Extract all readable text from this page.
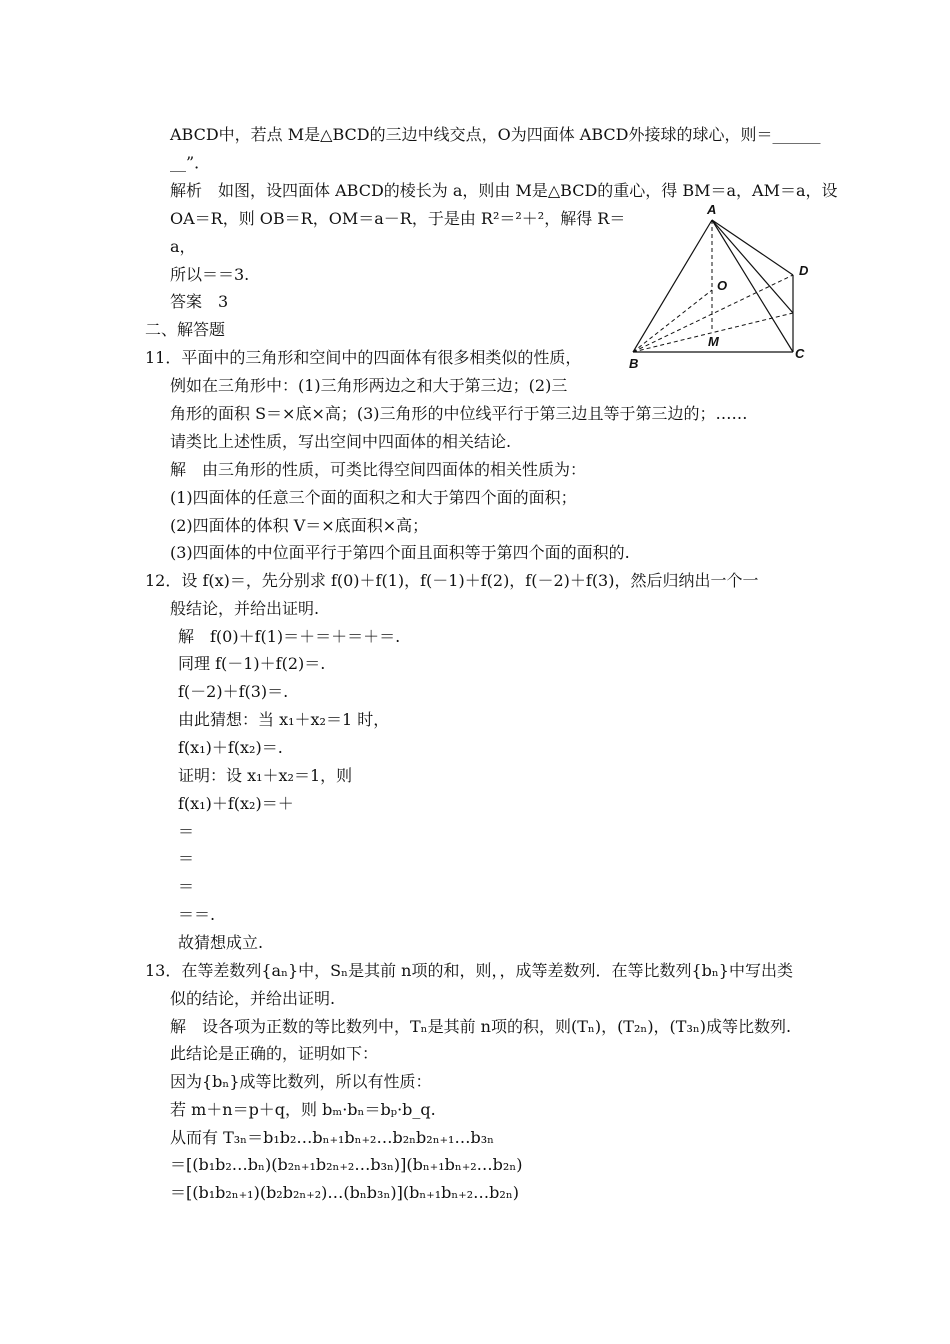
ABCD中，若点 M是△BCD的三边中线交点，O为四面体 ABCD外接球的球心，则＝______
__”．
解析　如图，设四面体 ABCD的棱长为 a，则由 M是△BCD的重心，得 BM＝a，AM＝a，设
OA＝R，则 OB＝R，OM＝a－R，于是由 R²＝²＋²，解得 R＝
a，
所以＝＝3.
答案　3
二、解答题
11．平面中的三角形和空间中的四面体有很多相类似的性质，
例如在三角形中：(1)三角形两边之和大于第三边；(2)三
角形的面积 S＝×底×高；(3)三角形的中位线平行于第三边且等于第三边的；……
请类比上述性质，写出空间中四面体的相关结论.
解　由三角形的性质，可类比得空间四面体的相关性质为：
(1)四面体的任意三个面的面积之和大于第四个面的面积；
(2)四面体的体积 V＝×底面积×高；
(3)四面体的中位面平行于第四个面且面积等于第四个面的面积的.
12．设 f(x)＝，先分别求 f(0)＋f(1)，f(－1)＋f(2)，f(－2)＋f(3)，然后归纳出一个一
般结论，并给出证明.
解　f(0)＋f(1)＝＋＝＋＝＋＝.
同理 f(－1)＋f(2)＝.
f(－2)＋f(3)＝.
由此猜想：当 x₁＋x₂＝1 时，
f(x₁)＋f(x₂)＝.
证明：设 x₁＋x₂＝1，则
f(x₁)＋f(x₂)＝＋
＝
＝
＝
＝＝.
故猜想成立.
13．在等差数列{aₙ}中，Sₙ是其前 n项的和，则，，成等差数列．在等比数列{bₙ}中写出类
似的结论，并给出证明.
解　设各项为正数的等比数列中，Tₙ是其前 n项的积，则(Tₙ)，(T₂ₙ)，(T₃ₙ)成等比数列.
此结论是正确的，证明如下：
因为{bₙ}成等比数列，所以有性质：
若 m＋n＝p＋q，则 bₘ·bₙ＝bₚ·b_q.
从而有 T₃ₙ＝b₁b₂…bₙ₊₁bₙ₊₂…b₂ₙb₂ₙ₊₁…b₃ₙ
＝[(b₁b₂…bₙ)(b₂ₙ₊₁b₂ₙ₊₂…b₃ₙ)](bₙ₊₁bₙ₊₂…b₂ₙ)
＝[(b₁b₂ₙ₊₁)(b₂b₂ₙ₊₂)…(bₙb₃ₙ)](bₙ₊₁bₙ₊₂…b₂ₙ)
A
B
C
D
O
M
